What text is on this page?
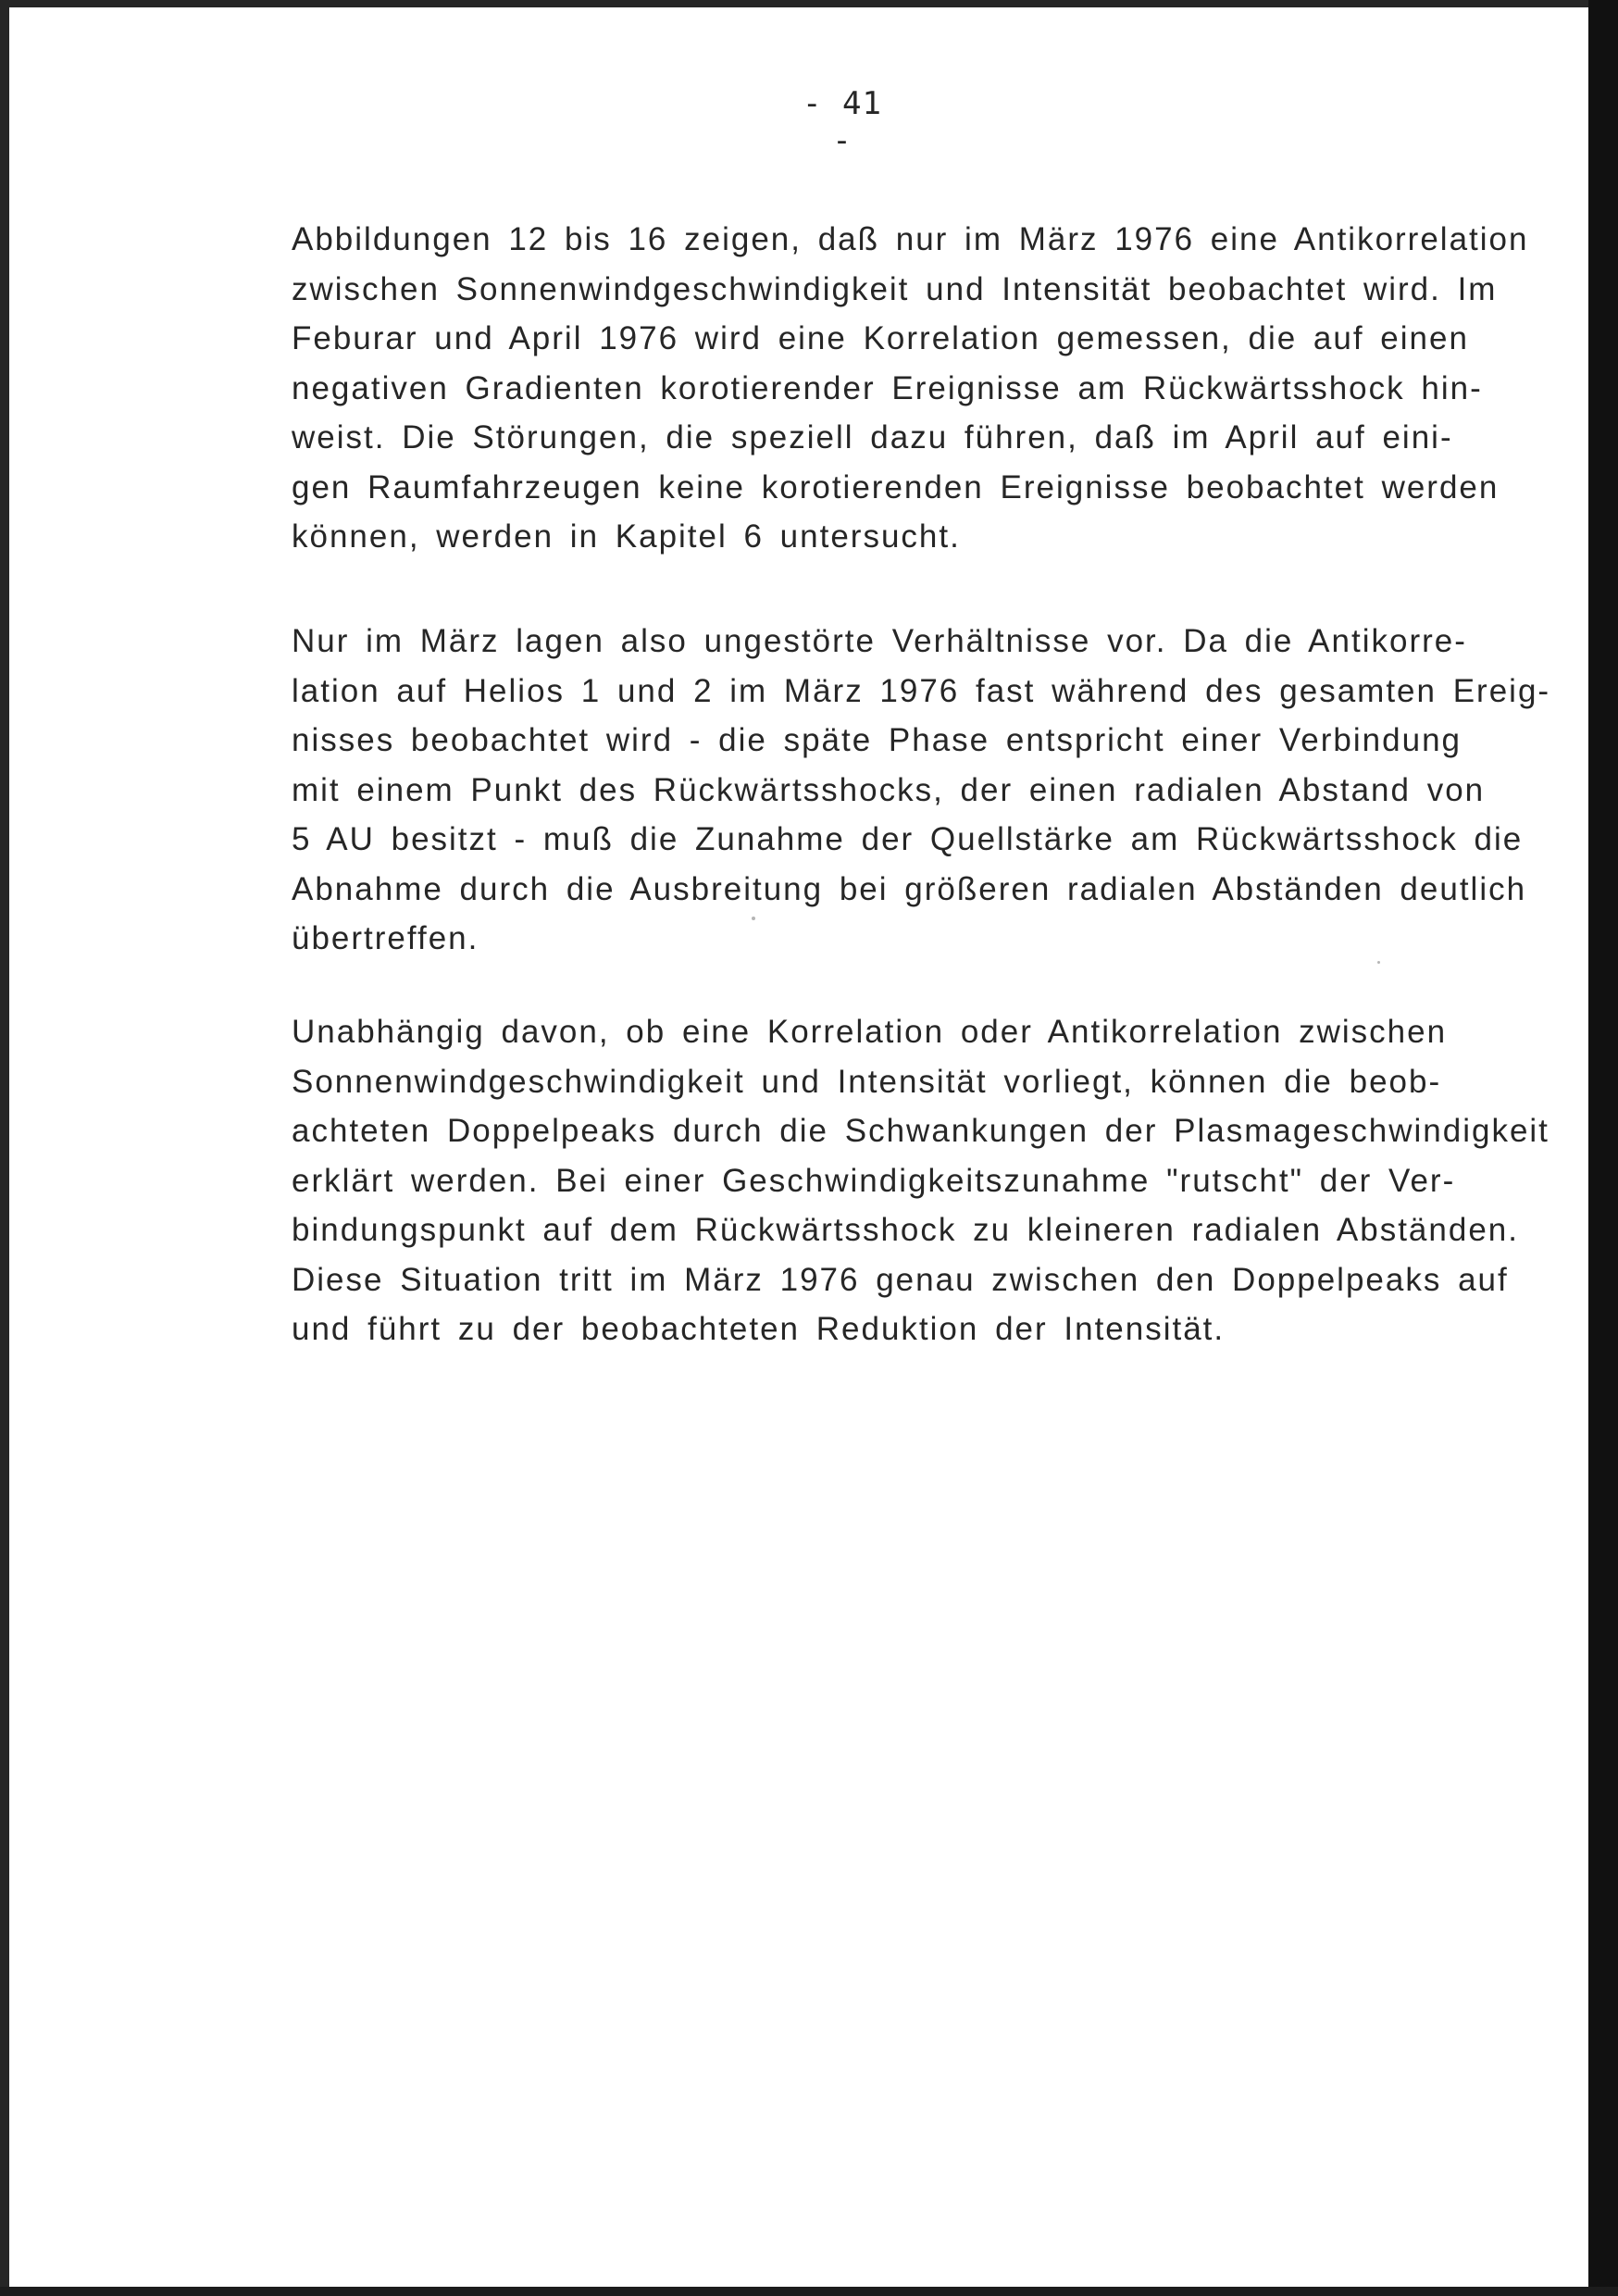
- 41 -

Abbildungen 12 bis 16 zeigen, daß nur im März 1976 eine Antikorrelation
zwischen Sonnenwindgeschwindigkeit und Intensität beobachtet wird. Im
Feburar und April 1976 wird eine Korrelation gemessen, die auf einen
negativen Gradienten korotierender Ereignisse am Rückwärtsshock hin-
weist. Die Störungen, die speziell dazu führen, daß im April auf eini-
gen Raumfahrzeugen keine korotierenden Ereignisse beobachtet werden
können, werden in Kapitel 6 untersucht.

Nur im März lagen also ungestörte Verhältnisse vor. Da die Antikorre-
lation auf Helios 1 und 2 im März 1976 fast während des gesamten Ereig-
nisses beobachtet wird - die späte Phase entspricht einer Verbindung
mit einem Punkt des Rückwärtsshocks, der einen radialen Abstand von
5 AU besitzt - muß die Zunahme der Quellstärke am Rückwärtsshock die
Abnahme durch die Ausbreitung bei größeren radialen Abständen deutlich
übertreffen.

Unabhängig davon, ob eine Korrelation oder Antikorrelation zwischen
Sonnenwindgeschwindigkeit und Intensität vorliegt, können die beob-
achteten Doppelpeaks durch die Schwankungen der Plasmageschwindigkeit
erklärt werden. Bei einer Geschwindigkeitszunahme "rutscht" der Ver-
bindungspunkt auf dem Rückwärtsshock zu kleineren radialen Abständen.
Diese Situation tritt im März 1976 genau zwischen den Doppelpeaks auf
und führt zu der beobachteten Reduktion der Intensität.
